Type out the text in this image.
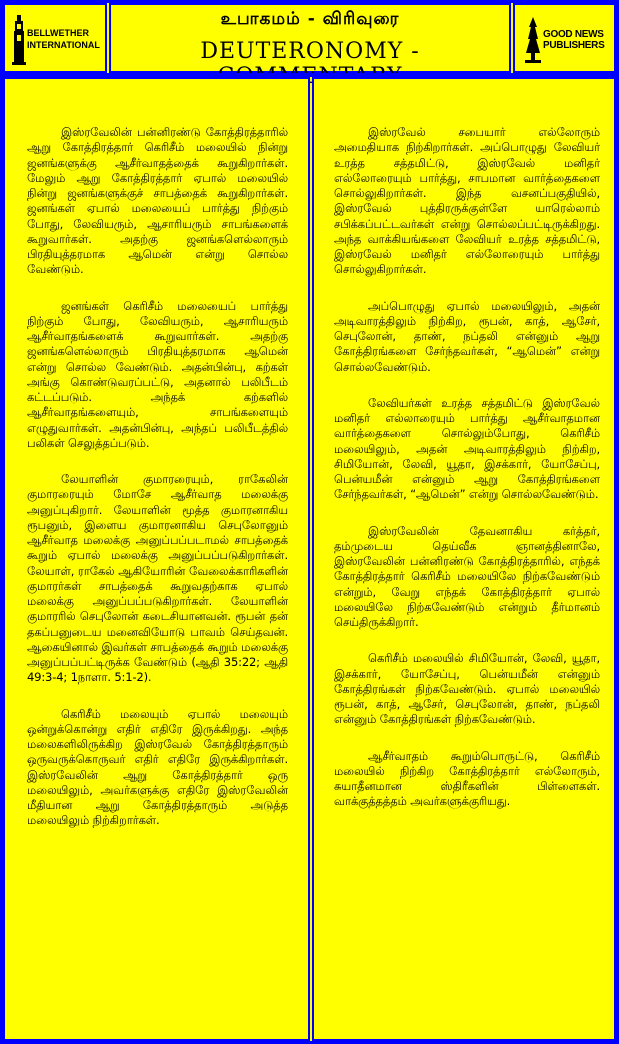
BELLWETHER
INTERNATIONAL
உபாகமம் - விரிவுரை
DEUTERONOMY -
GOOD NEWS
PUBLISHERS

இஸ்ரவேலின் பன்னிரண்டு கோத்திரத்தாரில் ஆறு கோத்திரத்தார் கெரிசீம் மலையில் நின்று ஜனங்களுக்கு ஆசீர்வாதத்தைக் கூறுகிறார்கள். மேலும் ஆறு கோத்திரத்தார் ஏபால் மலையில் நின்று ஜனங்களுக்குச் சாபத்தைக் கூறுகிறார்கள். ஜனங்கள் ஏபால் மலையைப் பார்த்து நிற்கும் போது, லேவியரும், ஆசாரியரும் சாபங்களைக் கூறுவார்கள். அதற்கு ஜனங்களெல்லாரும் பிரதியுத்தரமாக ஆமென் என்று சொல்ல வேண்டும்.

ஜனங்கள் கெரிசீம் மலையைப் பார்த்து நிற்கும் போது, லேவியரும், ஆசாரியரும் ஆசீர்வாதங்களைக் கூறுவார்கள். அதற்கு ஜனங்களெல்லாரும் பிரதியுத்தரமாக ஆமென் என்று சொல்ல வேண்டும். அதன்பின்பு, கற்கள் அங்கு கொண்டுவரப்பட்டு, அதனால் பலிபீடம் கட்டப்படும். அந்தக் கற்களில் ஆசீர்வாதங்களையும், சாபங்களையும் எழுதுவார்கள். அதன்பின்பு, அந்தப் பலிபீடத்தில் பலிகள் செலுத்தப்படும்.

லேயாளின் குமாரரையும், ராகேலின் குமாரரையும் மோசே ஆசீர்வாத மலைக்கு அனுப்புகிறார். லேயாளின் மூத்த குமாரனாகிய ரூபனும், இளைய குமாரனாகிய செபுலோனும் ஆசீர்வாத மலைக்கு அனுப்பப்படாமல் சாபத்தைக் கூறும் ஏபால் மலைக்கு அனுப்பப்படுகிறார்கள். லேயாள், ராகேல் ஆகியோரின் வேலைக்காரிகளின் குமாரர்கள் சாபத்தைக் கூறுவதற்காக ஏபால் மலைக்கு அனுப்பப்படுகிறார்கள். லேயாளின் குமாரரில் செபுலோன் கடைசியானவன். ரூபன் தன் தகப்பனுடைய மனைவியோடு பாவம் செய்தவன். ஆகையினால் இவர்கள் சாபத்தைக் கூறும் மலைக்கு அனுப்பப்பட்டிருக்க வேண்டும் (ஆதி 35:22; ஆதி 49:3-4; 1நாளா. 5:1-2).

கெரிசீம் மலையும் ஏபால் மலையும் ஒன்றுக்கொன்று எதிர் எதிரே இருக்கிறது. அந்த மலைகளிலிருக்கிற இஸ்ரவேல் கோத்திரத்தாரும் ஒருவருக்கொருவர் எதிர் எதிரே இருக்கிறார்கள். இஸ்ரவேலின் ஆறு கோத்திரத்தார் ஒரு மலையிலும், அவர்களுக்கு எதிரே இஸ்ரவேலின் மீதியான ஆறு கோத்திரத்தாரும் அடுத்த மலையிலும் நிற்கிறார்கள்.

இஸ்ரவேல் சபையார் எல்லோரும் அமைதியாக நிற்கிறார்கள். அப்பொழுது லேவியர் உரத்த சத்தமிட்டு, இஸ்ரவேல் மனிதர் எல்லோரையும் பார்த்து, சாபமான வார்த்தைகளை சொல்லுகிறார்கள். இந்த வசனப்பகுதியில், இஸ்ரவேல் புத்திரருக்குள்ளே யாரெல்லாம் சபிக்கப்பட்டவர்கள் என்று சொல்லப்பட்டிருக்கிறது. அந்த வாக்கியங்களை லேவியர் உரத்த சத்தமிட்டு, இஸ்ரவேல் மனிதர் எல்லோரையும் பார்த்து சொல்லுகிறார்கள்.

அப்பொழுது ஏபால் மலையிலும், அதன் அடிவாரத்திலும் நிற்கிற, ரூபன், காத், ஆசேர், செபுலோன், தாண், நப்தலி என்னும் ஆறு கோத்திரங்களை சேர்ந்தவர்கள், “ஆமென்” என்று சொல்லவேண்டும்.

லேவியர்கள் உரத்த சத்தமிட்டு இஸ்ரவேல் மனிதர் எல்லாரையும் பார்த்து ஆசீர்வாதமான வார்த்தைகளை சொல்லும்போது, கெரிசீம் மலையிலும், அதன் அடிவாரத்திலும் நிற்கிற, சிமியோன், லேவி, யூதா, இசக்கார், யோசேப்பு, பென்யமீன் என்னும் ஆறு கோத்திரங்களை சேர்ந்தவர்கள், “ஆமென்” என்று சொல்லவேண்டும்.

இஸ்ரவேலின் தேவனாகிய கர்த்தர், தம்முடைய தெய்வீக ஞானத்தினாலே, இஸ்ரவேலின் பன்னிரண்டு கோத்திரத்தாரில், எந்தக் கோத்திரத்தார் கெரிசீம் மலையிலே நிற்கவேண்டும் என்றும், வேறு எந்தக் கோத்திரத்தார் ஏபால் மலையிலே நிற்கவேண்டும் என்றும் தீர்மானம் செய்திருக்கிறார்.

கெரிசீம் மலையில் சிமியோன், லேவி, யூதா, இசக்கார், யோசேப்பு, பென்யமீன் என்னும் கோத்திரங்கள் நிற்கவேண்டும். ஏபால் மலையில் ரூபன், காத், ஆசேர், செபுலோன், தாண், நப்தலி என்னும் கோத்திரங்கள் நிற்கவேண்டும்.

ஆசீர்வாதம் கூறும்பொருட்டு, கெரிசீம் மலையில் நிற்கிற கோத்திரத்தார் எல்லோரும், சுயாதீனமான ஸ்திரீகளின் பிள்ளைகள். வாக்குத்தத்தம் அவர்களுக்குரியது.
